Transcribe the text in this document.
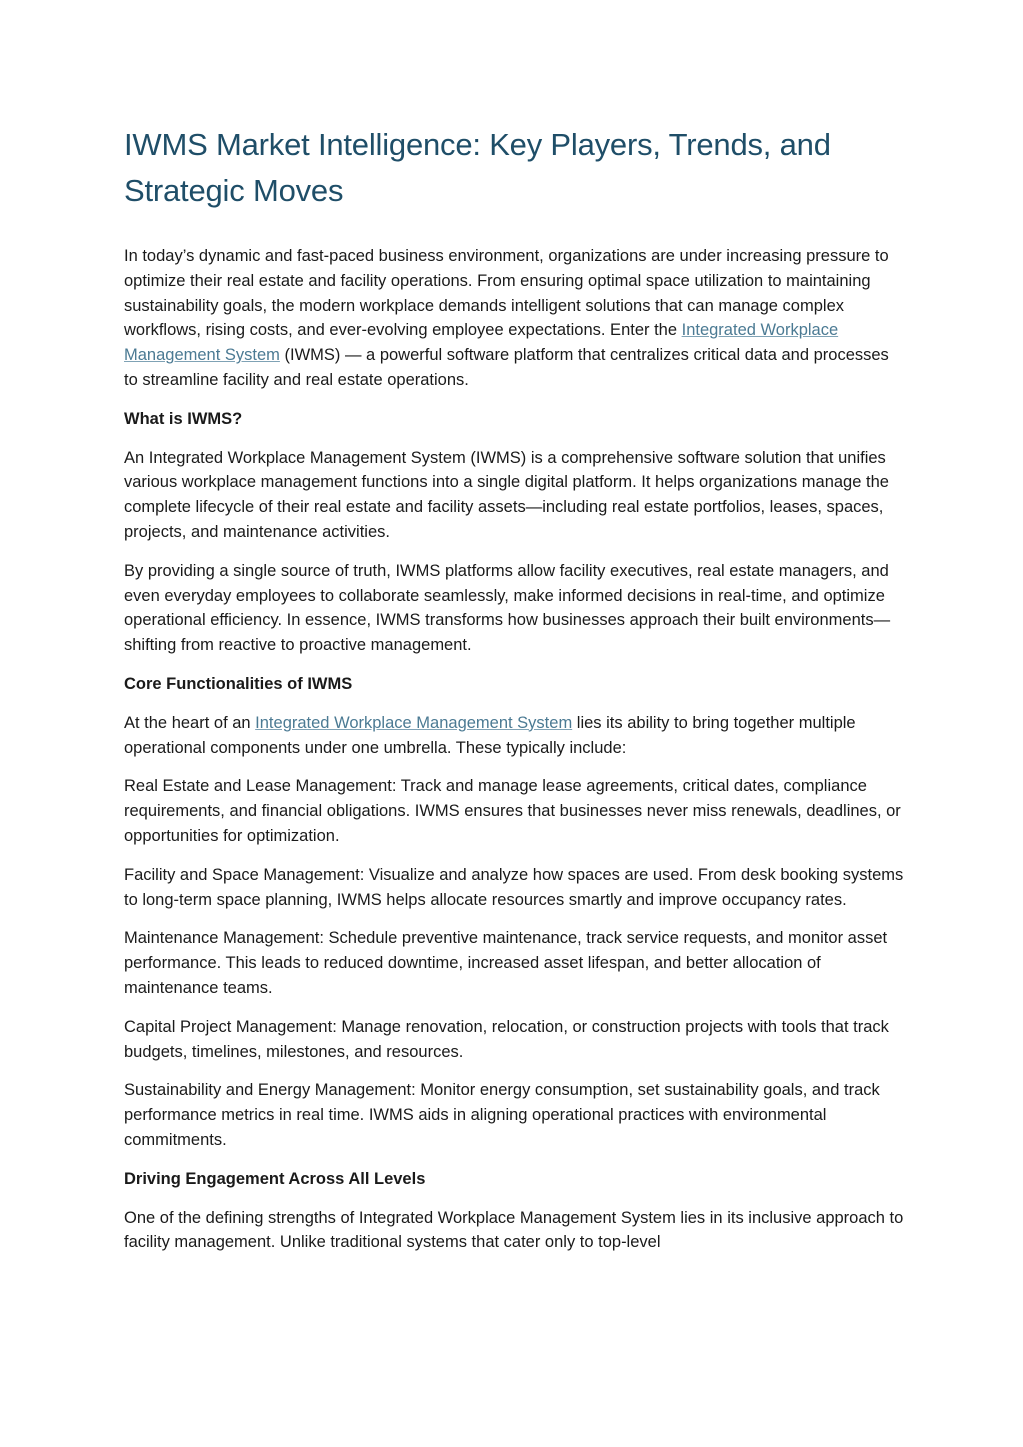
IWMS Market Intelligence: Key Players, Trends, and Strategic Moves

In today’s dynamic and fast-paced business environment, organizations are under increasing pressure to optimize their real estate and facility operations. From ensuring optimal space utilization to maintaining sustainability goals, the modern workplace demands intelligent solutions that can manage complex workflows, rising costs, and ever-evolving employee expectations. Enter the Integrated Workplace Management System (IWMS) — a powerful software platform that centralizes critical data and processes to streamline facility and real estate operations.

What is IWMS?

An Integrated Workplace Management System (IWMS) is a comprehensive software solution that unifies various workplace management functions into a single digital platform. It helps organizations manage the complete lifecycle of their real estate and facility assets—including real estate portfolios, leases, spaces, projects, and maintenance activities.

By providing a single source of truth, IWMS platforms allow facility executives, real estate managers, and even everyday employees to collaborate seamlessly, make informed decisions in real-time, and optimize operational efficiency. In essence, IWMS transforms how businesses approach their built environments—shifting from reactive to proactive management.

Core Functionalities of IWMS

At the heart of an Integrated Workplace Management System lies its ability to bring together multiple operational components under one umbrella. These typically include:

Real Estate and Lease Management: Track and manage lease agreements, critical dates, compliance requirements, and financial obligations. IWMS ensures that businesses never miss renewals, deadlines, or opportunities for optimization.

Facility and Space Management: Visualize and analyze how spaces are used. From desk booking systems to long-term space planning, IWMS helps allocate resources smartly and improve occupancy rates.

Maintenance Management: Schedule preventive maintenance, track service requests, and monitor asset performance. This leads to reduced downtime, increased asset lifespan, and better allocation of maintenance teams.

Capital Project Management: Manage renovation, relocation, or construction projects with tools that track budgets, timelines, milestones, and resources.

Sustainability and Energy Management: Monitor energy consumption, set sustainability goals, and track performance metrics in real time. IWMS aids in aligning operational practices with environmental commitments.

Driving Engagement Across All Levels

One of the defining strengths of Integrated Workplace Management System lies in its inclusive approach to facility management. Unlike traditional systems that cater only to top-level
